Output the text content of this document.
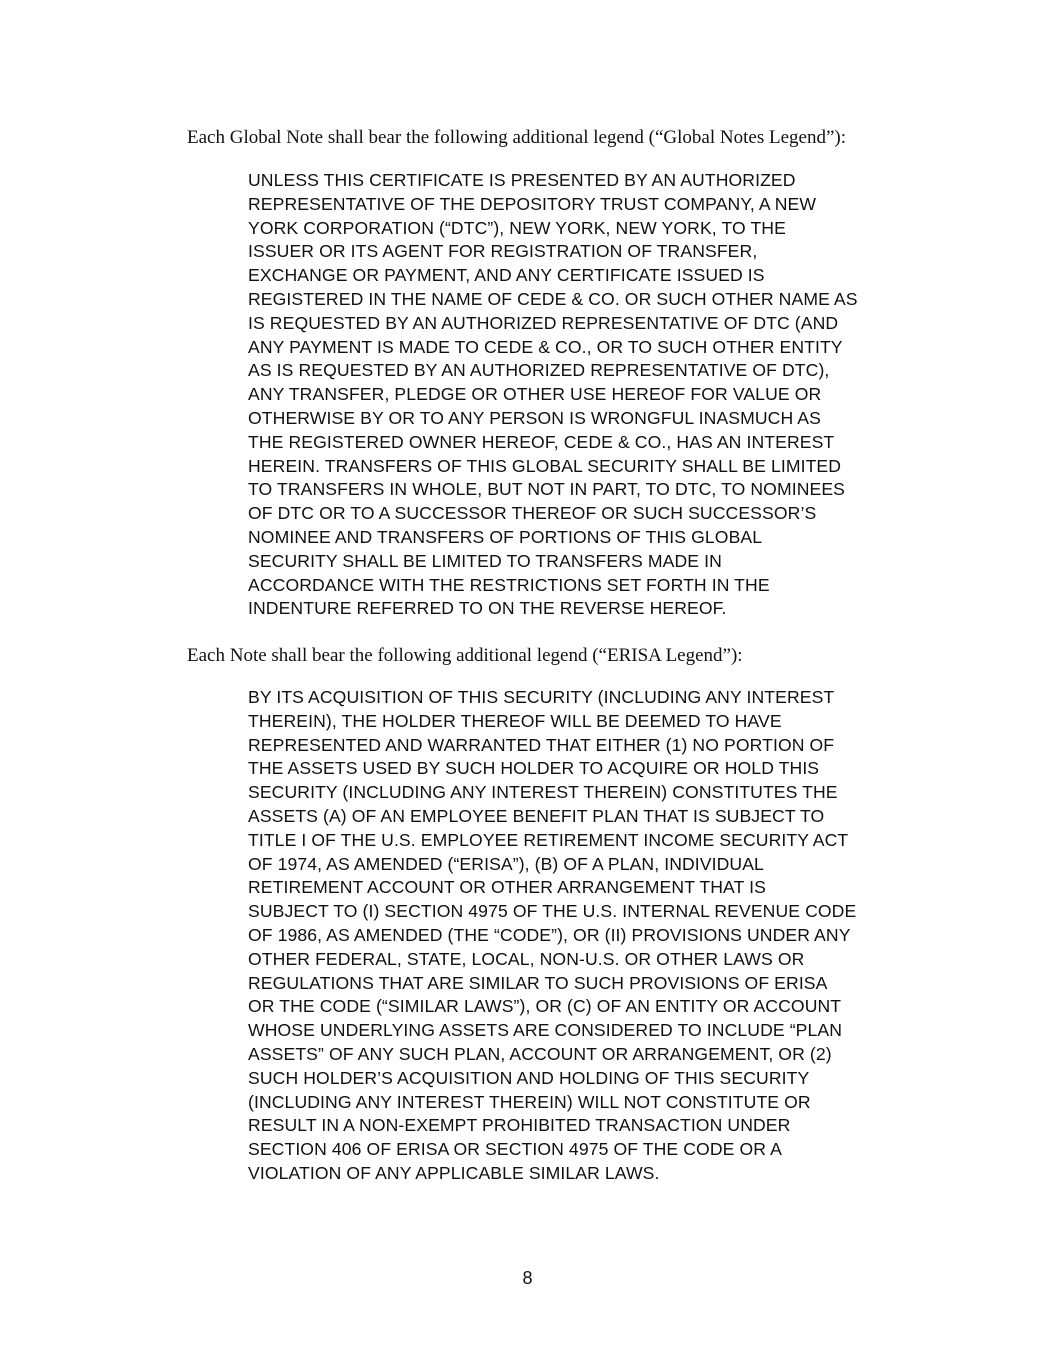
Each Global Note shall bear the following additional legend (“Global Notes Legend”):

UNLESS THIS CERTIFICATE IS PRESENTED BY AN AUTHORIZED
REPRESENTATIVE OF THE DEPOSITORY TRUST COMPANY, A NEW
YORK CORPORATION (“DTC”), NEW YORK, NEW YORK, TO THE
ISSUER OR ITS AGENT FOR REGISTRATION OF TRANSFER,
EXCHANGE OR PAYMENT, AND ANY CERTIFICATE ISSUED IS
REGISTERED IN THE NAME OF CEDE & CO. OR SUCH OTHER NAME AS
IS REQUESTED BY AN AUTHORIZED REPRESENTATIVE OF DTC (AND
ANY PAYMENT IS MADE TO CEDE & CO., OR TO SUCH OTHER ENTITY
AS IS REQUESTED BY AN AUTHORIZED REPRESENTATIVE OF DTC),
ANY TRANSFER, PLEDGE OR OTHER USE HEREOF FOR VALUE OR
OTHERWISE BY OR TO ANY PERSON IS WRONGFUL INASMUCH AS
THE REGISTERED OWNER HEREOF, CEDE & CO., HAS AN INTEREST
HEREIN. TRANSFERS OF THIS GLOBAL SECURITY SHALL BE LIMITED
TO TRANSFERS IN WHOLE, BUT NOT IN PART, TO DTC, TO NOMINEES
OF DTC OR TO A SUCCESSOR THEREOF OR SUCH SUCCESSOR’S
NOMINEE AND TRANSFERS OF PORTIONS OF THIS GLOBAL
SECURITY SHALL BE LIMITED TO TRANSFERS MADE IN
ACCORDANCE WITH THE RESTRICTIONS SET FORTH IN THE
INDENTURE REFERRED TO ON THE REVERSE HEREOF.

Each Note shall bear the following additional legend (“ERISA Legend”):

BY ITS ACQUISITION OF THIS SECURITY (INCLUDING ANY INTEREST
THEREIN), THE HOLDER THEREOF WILL BE DEEMED TO HAVE
REPRESENTED AND WARRANTED THAT EITHER (1) NO PORTION OF
THE ASSETS USED BY SUCH HOLDER TO ACQUIRE OR HOLD THIS
SECURITY (INCLUDING ANY INTEREST THEREIN) CONSTITUTES THE
ASSETS (A) OF AN EMPLOYEE BENEFIT PLAN THAT IS SUBJECT TO
TITLE I OF THE U.S. EMPLOYEE RETIREMENT INCOME SECURITY ACT
OF 1974, AS AMENDED (“ERISA”), (B) OF A PLAN, INDIVIDUAL
RETIREMENT ACCOUNT OR OTHER ARRANGEMENT THAT IS
SUBJECT TO (I) SECTION 4975 OF THE U.S. INTERNAL REVENUE CODE
OF 1986, AS AMENDED (THE “CODE”), OR (II) PROVISIONS UNDER ANY
OTHER FEDERAL, STATE, LOCAL, NON-U.S. OR OTHER LAWS OR
REGULATIONS THAT ARE SIMILAR TO SUCH PROVISIONS OF ERISA
OR THE CODE (“SIMILAR LAWS”), OR (C) OF AN ENTITY OR ACCOUNT
WHOSE UNDERLYING ASSETS ARE CONSIDERED TO INCLUDE “PLAN
ASSETS” OF ANY SUCH PLAN, ACCOUNT OR ARRANGEMENT, OR (2)
SUCH HOLDER’S ACQUISITION AND HOLDING OF THIS SECURITY
(INCLUDING ANY INTEREST THEREIN) WILL NOT CONSTITUTE OR
RESULT IN A NON-EXEMPT PROHIBITED TRANSACTION UNDER
SECTION 406 OF ERISA OR SECTION 4975 OF THE CODE OR A
VIOLATION OF ANY APPLICABLE SIMILAR LAWS.
8
